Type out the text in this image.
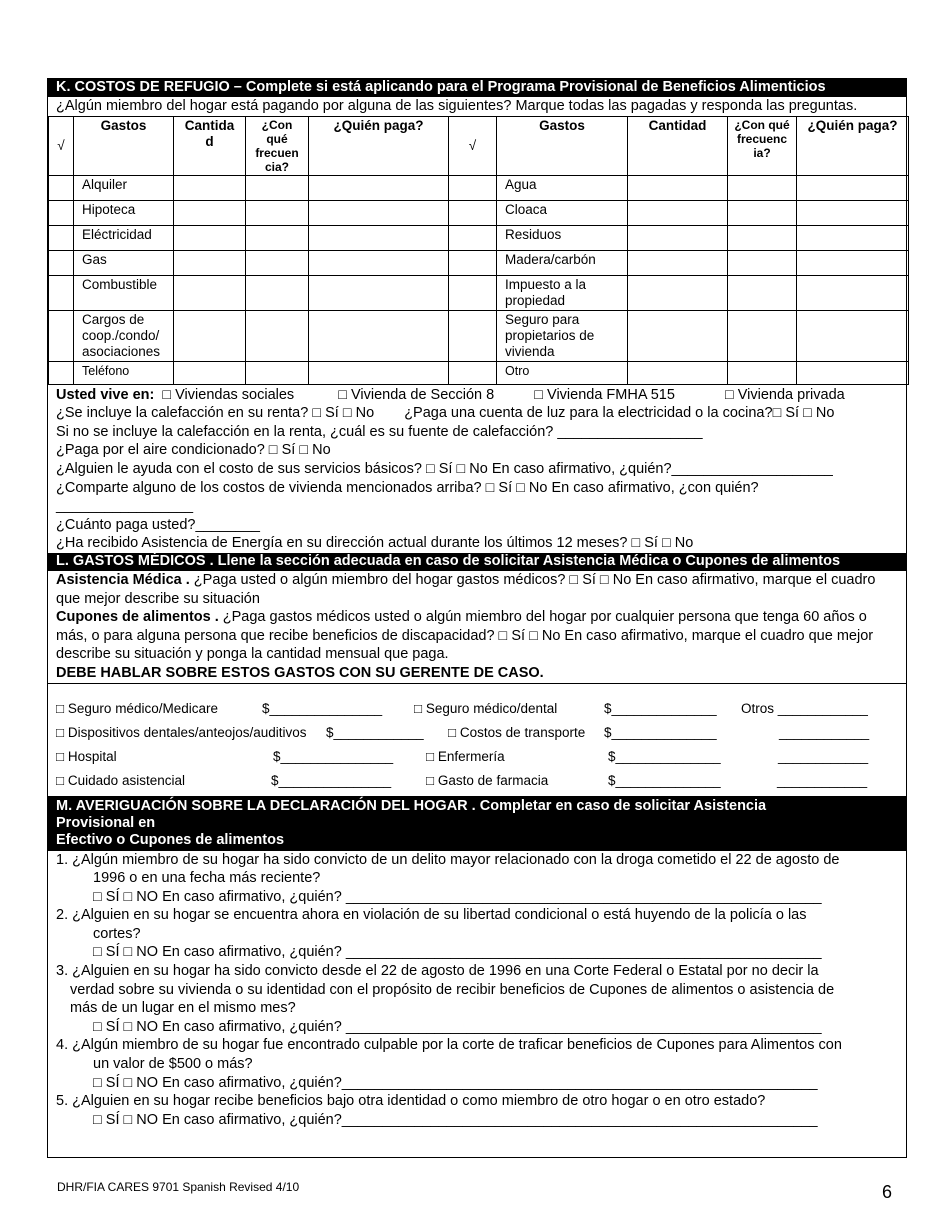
K. COSTOS DE REFUGIO – Complete si está aplicando para el Programa Provisional de Beneficios Alimenticios
¿Algún miembro del hogar está pagando por alguna de las siguientes? Marque todas las pagadas y responda las preguntas.
√	Gastos	Cantida d	¿Con qué frecuen cia?	¿Quién paga?	√	Gastos	Cantidad	¿Con qué frecuenc ia?	¿Quién paga?
	Alquiler					Agua			
	Hipoteca					Cloaca			
	Eléctricidad					Residuos			
	Gas					Madera/carbón			
	Combustible					Impuesto a la propiedad			
	Cargos de coop./condo/ asociaciones					Seguro para propietarios de vivienda			
	Teléfono					Otro			
Usted vive en: □ Viviendas sociales	□ Vivienda de Sección 8	□ Vivienda FMHA 515	□ Vivienda privada
¿Se incluye la calefacción en su renta? □ Sí □ No ¿Paga una cuenta de luz para la electricidad o la cocina?□ Sí □ No
Si no se incluye la calefacción en la renta, ¿cuál es su fuente de calefacción? __________________
¿Paga por el aire condicionado? □ Sí □ No
¿Alguien le ayuda con el costo de sus servicios básicos? □ Sí □ No En caso afirmativo, ¿quién?____________________
¿Comparte alguno de los costos de vivienda mencionados arriba? □ Sí □ No En caso afirmativo, ¿con quién?
_________________
¿Cuánto paga usted?________
¿Ha recibido Asistencia de Energía en su dirección actual durante los últimos 12 meses? □ Sí □ No
L. GASTOS MÉDICOS . Llene la sección adecuada en caso de solicitar Asistencia Médica o Cupones de alimentos
Asistencia Médica . ¿Paga usted o algún miembro del hogar gastos médicos? □ Sí □ No En caso afirmativo, marque el cuadro que mejor describe su situación
Cupones de alimentos . ¿Paga gastos médicos usted o algún miembro del hogar por cualquier persona que tenga 60 años o más, o para alguna persona que recibe beneficios de discapacidad? □ Sí □ No En caso afirmativo, marque el cuadro que mejor describe su situación y ponga la cantidad mensual que paga.
DEBE HABLAR SOBRE ESTOS GASTOS CON SU GERENTE DE CASO.
□ Seguro médico/Medicare	$_______________ □ Seguro médico/dental	$______________ Otros ____________
□ Dispositivos dentales/anteojos/auditivos $____________ □ Costos de transporte $______________	____________
□ Hospital	$_______________ □ Enfermería	$______________	____________
□ Cuidado asistencial	$_______________	□ Gasto de farmacia	$______________	____________
M. AVERIGUACIÓN SOBRE LA DECLARACIÓN DEL HOGAR . Completar en caso de solicitar Asistencia
Provisional en
Efectivo o Cupones de alimentos
1. ¿Algún miembro de su hogar ha sido convicto de un delito mayor relacionado con la droga cometido el 22 de agosto de
1996 o en una fecha más reciente?
□ SÍ □ NO En caso afirmativo, ¿quién? ___________________________________________________________
2. ¿Alguien en su hogar se encuentra ahora en violación de su libertad condicional o está huyendo de la policía o las
cortes?
□ SÍ □ NO En caso afirmativo, ¿quién? ___________________________________________________________
3. ¿Alguien en su hogar ha sido convicto desde el 22 de agosto de 1996 en una Corte Federal o Estatal por no decir la
verdad sobre su vivienda o su identidad con el propósito de recibir beneficios de Cupones de alimentos o asistencia de
más de un lugar en el mismo mes?
□ SÍ □ NO En caso afirmativo, ¿quién? ___________________________________________________________
4. ¿Algún miembro de su hogar fue encontrado culpable por la corte de traficar beneficios de Cupones para Alimentos con
un valor de $500 o más?
□ SÍ □ NO En caso afirmativo, ¿quién?___________________________________________________________
5. ¿Alguien en su hogar recibe beneficios bajo otra identidad o como miembro de otro hogar o en otro estado?
□ SÍ □ NO En caso afirmativo, ¿quién?___________________________________________________________
DHR/FIA CARES 9701 Spanish Revised 4/10	6
